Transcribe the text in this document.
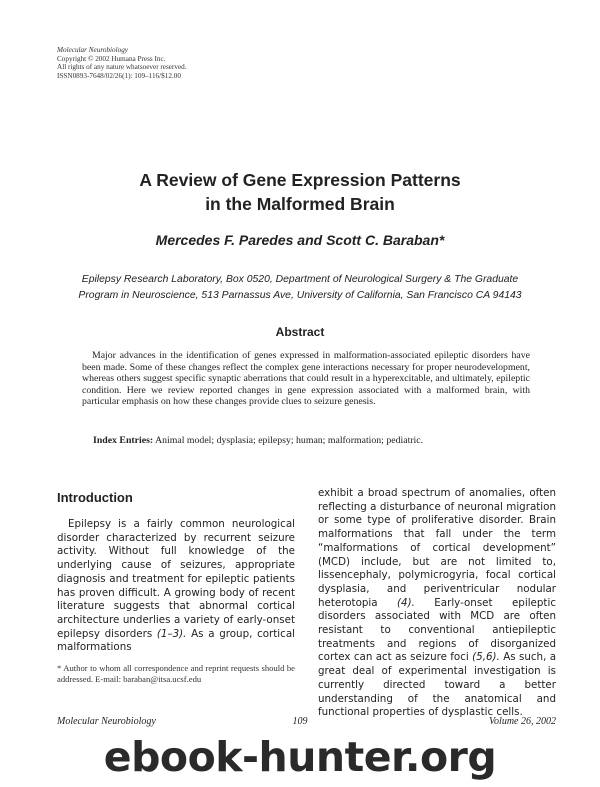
Molecular Neurobiology
Copyright © 2002 Humana Press Inc.
All rights of any nature whatsoever reserved.
ISSN0893-7648/02/26(1): 109–116/$12.00
A Review of Gene Expression Patterns
in the Malformed Brain
Mercedes F. Paredes and Scott C. Baraban*
Epilepsy Research Laboratory, Box 0520, Department of Neurological Surgery & The Graduate
Program in Neuroscience, 513 Parnassus Ave, University of California, San Francisco CA 94143
Abstract
Major advances in the identification of genes expressed in malformation-associated epileptic disorders have been made. Some of these changes reflect the complex gene interactions necessary for proper neurodevelopment, whereas others suggest specific synaptic aberrations that could result in a hyperexcitable, and ultimately, epileptic condition. Here we review reported changes in gene expression associated with a malformed brain, with particular emphasis on how these changes provide clues to seizure genesis.
Index Entries: Animal model; dysplasia; epilepsy; human; malformation; pediatric.
Introduction
Epilepsy is a fairly common neurological disorder characterized by recurrent seizure activity. Without full knowledge of the underlying cause of seizures, appropriate diagnosis and treatment for epileptic patients has proven difficult. A growing body of recent literature suggests that abnormal cortical architecture underlies a variety of early-onset epilepsy disorders (1–3). As a group, cortical malformations
exhibit a broad spectrum of anomalies, often reflecting a disturbance of neuronal migration or some type of proliferative disorder. Brain malformations that fall under the term “malformations of cortical development” (MCD) include, but are not limited to, lissencephaly, polymicrogyria, focal cortical dysplasia, and periventricular nodular heterotopia (4). Early-onset epileptic disorders associated with MCD are often resistant to conventional antiepileptic treatments and regions of disorganized cortex can act as seizure foci (5,6). As such, a great deal of experimental investigation is currently directed toward a better understanding of the anatomical and functional properties of dysplastic cells.
* Author to whom all correspondence and reprint requests should be addressed. E-mail: baraban@itsa.ucsf.edu
Molecular Neurobiology	109	Volume 26, 2002
ebook-hunter.org
